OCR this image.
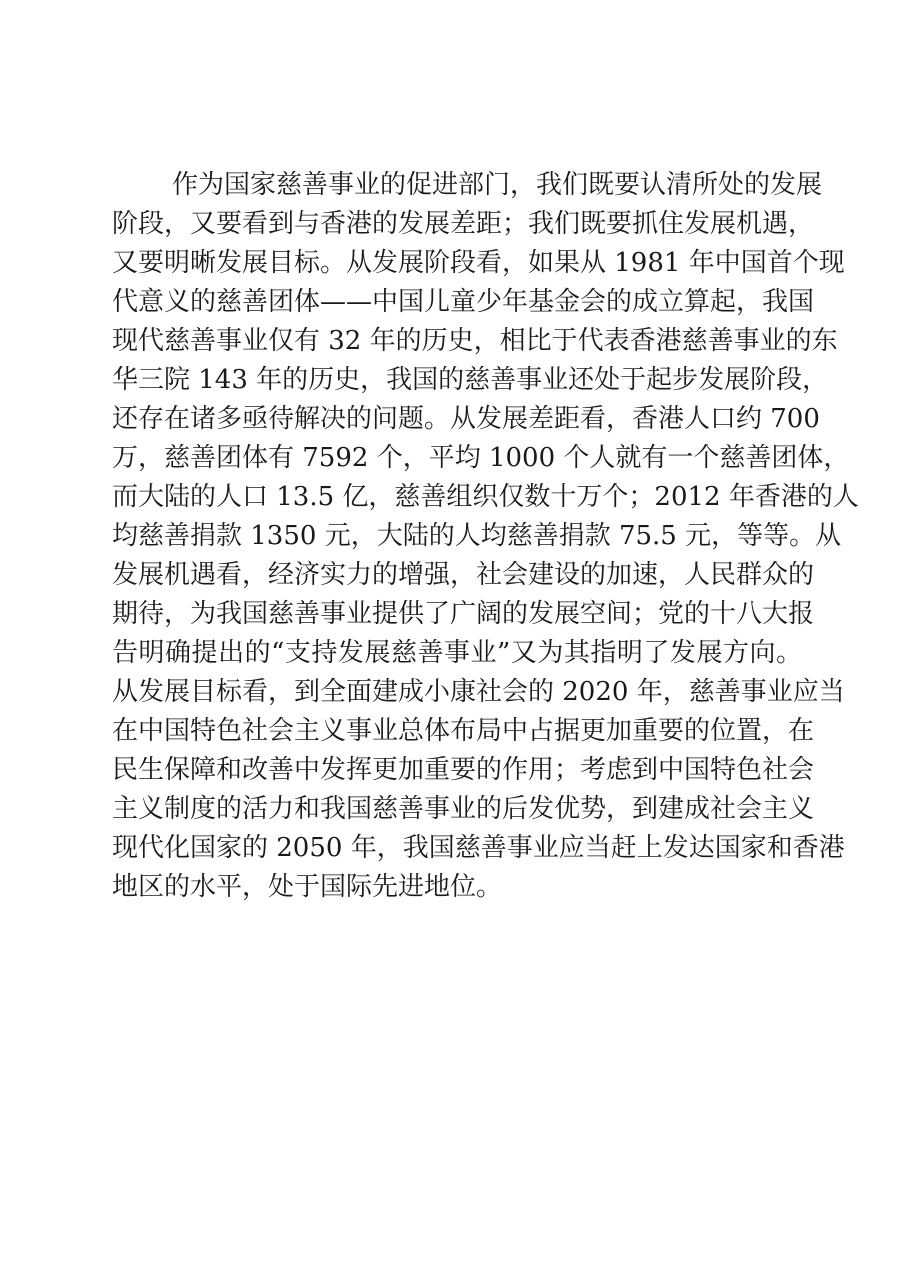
作为国家慈善事业的促进部门，我们既要认清所处的发展
阶段，又要看到与香港的发展差距；我们既要抓住发展机遇，
又要明晰发展目标。从发展阶段看，如果从 1981 年中国首个现
代意义的慈善团体——中国儿童少年基金会的成立算起，我国
现代慈善事业仅有 32 年的历史，相比于代表香港慈善事业的东
华三院 143 年的历史，我国的慈善事业还处于起步发展阶段，
还存在诸多亟待解决的问题。从发展差距看，香港人口约 700
万，慈善团体有 7592 个，平均 1000 个人就有一个慈善团体，
而大陆的人口 13.5 亿，慈善组织仅数十万个；2012 年香港的人
均慈善捐款 1350 元，大陆的人均慈善捐款 75.5 元，等等。从
发展机遇看，经济实力的增强，社会建设的加速，人民群众的
期待，为我国慈善事业提供了广阔的发展空间；党的十八大报
告明确提出的“支持发展慈善事业”又为其指明了发展方向。
从发展目标看，到全面建成小康社会的 2020 年，慈善事业应当
在中国特色社会主义事业总体布局中占据更加重要的位置，在
民生保障和改善中发挥更加重要的作用；考虑到中国特色社会
主义制度的活力和我国慈善事业的后发优势，到建成社会主义
现代化国家的 2050 年，我国慈善事业应当赶上发达国家和香港
地区的水平，处于国际先进地位。
